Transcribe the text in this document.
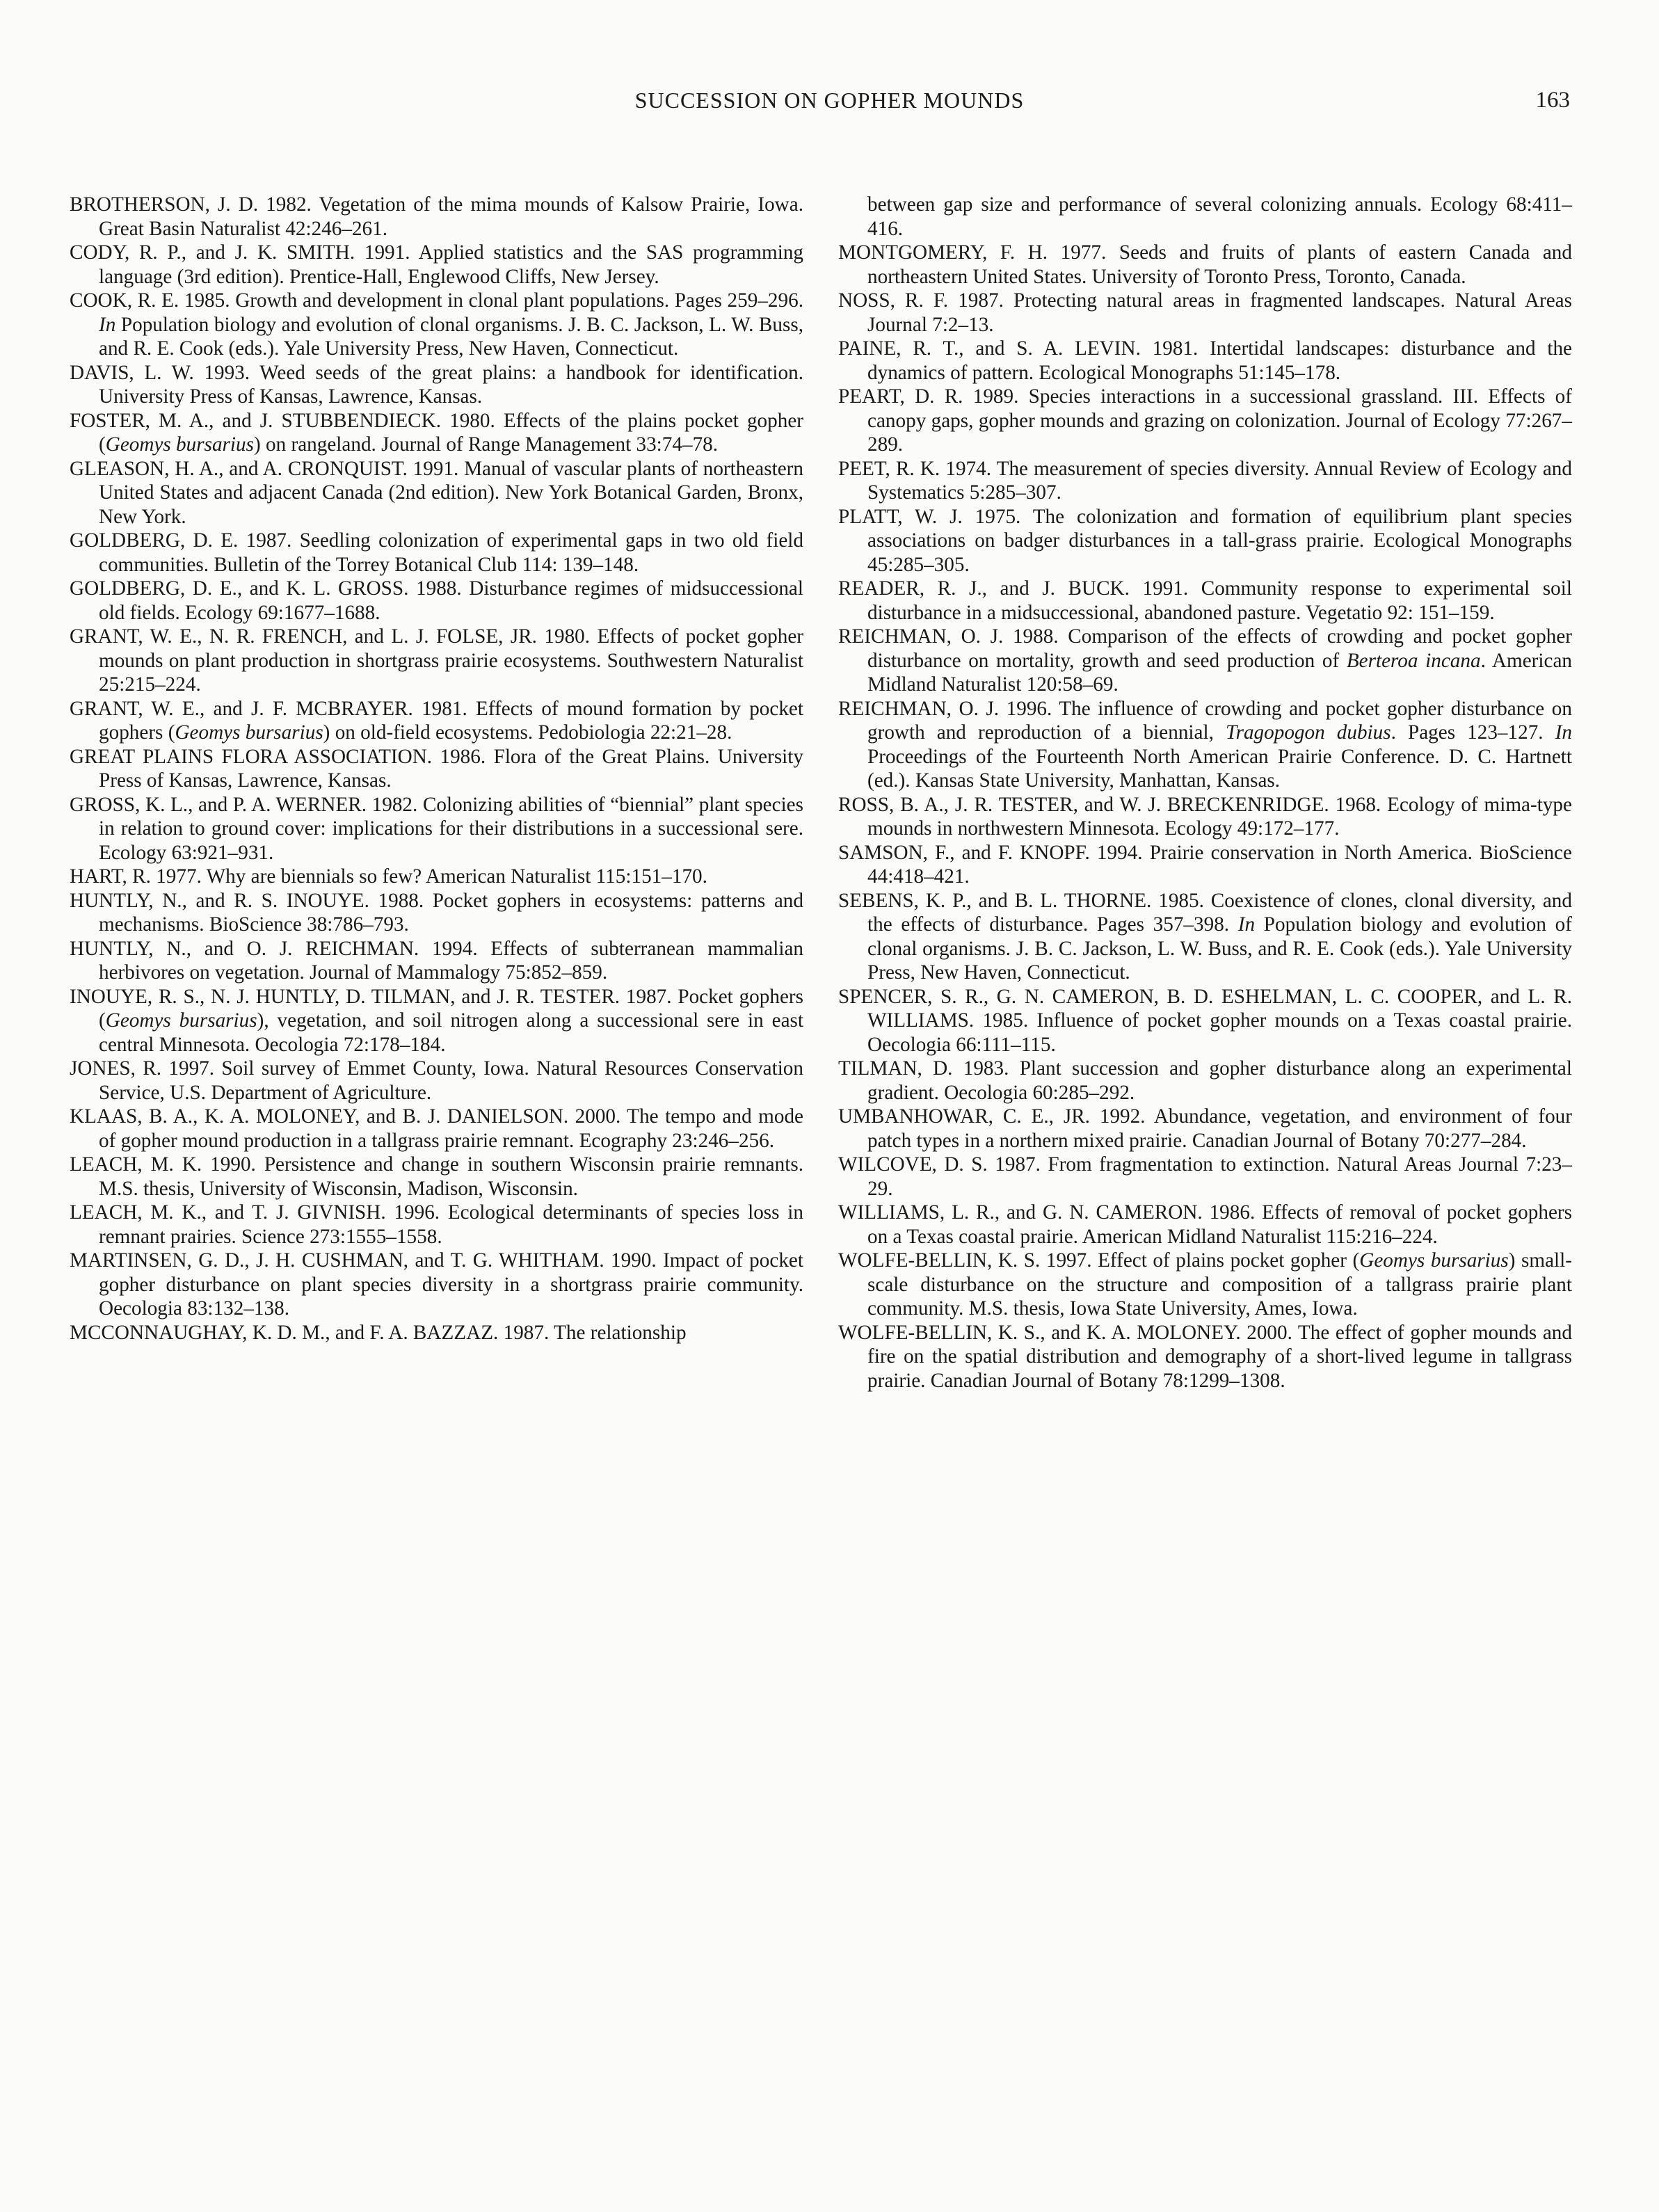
SUCCESSION ON GOPHER MOUNDS	163

BROTHERSON, J. D. 1982. Vegetation of the mima mounds of Kalsow Prairie, Iowa. Great Basin Naturalist 42:246–261.

CODY, R. P., and J. K. SMITH. 1991. Applied statistics and the SAS programming language (3rd edition). Prentice-Hall, Englewood Cliffs, New Jersey.

COOK, R. E. 1985. Growth and development in clonal plant populations. Pages 259–296. In Population biology and evolution of clonal organisms. J. B. C. Jackson, L. W. Buss, and R. E. Cook (eds.). Yale University Press, New Haven, Connecticut.

DAVIS, L. W. 1993. Weed seeds of the great plains: a handbook for identification. University Press of Kansas, Lawrence, Kansas.

FOSTER, M. A., and J. STUBBENDIECK. 1980. Effects of the plains pocket gopher (Geomys bursarius) on rangeland. Journal of Range Management 33:74–78.

GLEASON, H. A., and A. CRONQUIST. 1991. Manual of vascular plants of northeastern United States and adjacent Canada (2nd edition). New York Botanical Garden, Bronx, New York.

GOLDBERG, D. E. 1987. Seedling colonization of experimental gaps in two old field communities. Bulletin of the Torrey Botanical Club 114: 139–148.

GOLDBERG, D. E., and K. L. GROSS. 1988. Disturbance regimes of midsuccessional old fields. Ecology 69:1677–1688.

GRANT, W. E., N. R. FRENCH, and L. J. FOLSE, JR. 1980. Effects of pocket gopher mounds on plant production in shortgrass prairie ecosystems. Southwestern Naturalist 25:215–224.

GRANT, W. E., and J. F. MCBRAYER. 1981. Effects of mound formation by pocket gophers (Geomys bursarius) on old-field ecosystems. Pedobiologia 22:21–28.

GREAT PLAINS FLORA ASSOCIATION. 1986. Flora of the Great Plains. University Press of Kansas, Lawrence, Kansas.

GROSS, K. L., and P. A. WERNER. 1982. Colonizing abilities of “biennial” plant species in relation to ground cover: implications for their distributions in a successional sere. Ecology 63:921–931.

HART, R. 1977. Why are biennials so few? American Naturalist 115:151–170.

HUNTLY, N., and R. S. INOUYE. 1988. Pocket gophers in ecosystems: patterns and mechanisms. BioScience 38:786–793.

HUNTLY, N., and O. J. REICHMAN. 1994. Effects of subterranean mammalian herbivores on vegetation. Journal of Mammalogy 75:852–859.

INOUYE, R. S., N. J. HUNTLY, D. TILMAN, and J. R. TESTER. 1987. Pocket gophers (Geomys bursarius), vegetation, and soil nitrogen along a successional sere in east central Minnesota. Oecologia 72:178–184.

JONES, R. 1997. Soil survey of Emmet County, Iowa. Natural Resources Conservation Service, U.S. Department of Agriculture.

KLAAS, B. A., K. A. MOLONEY, and B. J. DANIELSON. 2000. The tempo and mode of gopher mound production in a tallgrass prairie remnant. Ecography 23:246–256.

LEACH, M. K. 1990. Persistence and change in southern Wisconsin prairie remnants. M.S. thesis, University of Wisconsin, Madison, Wisconsin.

LEACH, M. K., and T. J. GIVNISH. 1996. Ecological determinants of species loss in remnant prairies. Science 273:1555–1558.

MARTINSEN, G. D., J. H. CUSHMAN, and T. G. WHITHAM. 1990. Impact of pocket gopher disturbance on plant species diversity in a shortgrass prairie community. Oecologia 83:132–138.

MCCONNAUGHAY, K. D. M., and F. A. BAZZAZ. 1987. The relationship

between gap size and performance of several colonizing annuals. Ecology 68:411–416.

MONTGOMERY, F. H. 1977. Seeds and fruits of plants of eastern Canada and northeastern United States. University of Toronto Press, Toronto, Canada.

NOSS, R. F. 1987. Protecting natural areas in fragmented landscapes. Natural Areas Journal 7:2–13.

PAINE, R. T., and S. A. LEVIN. 1981. Intertidal landscapes: disturbance and the dynamics of pattern. Ecological Monographs 51:145–178.

PEART, D. R. 1989. Species interactions in a successional grassland. III. Effects of canopy gaps, gopher mounds and grazing on colonization. Journal of Ecology 77:267–289.

PEET, R. K. 1974. The measurement of species diversity. Annual Review of Ecology and Systematics 5:285–307.

PLATT, W. J. 1975. The colonization and formation of equilibrium plant species associations on badger disturbances in a tall-grass prairie. Ecological Monographs 45:285–305.

READER, R. J., and J. BUCK. 1991. Community response to experimental soil disturbance in a midsuccessional, abandoned pasture. Vegetatio 92: 151–159.

REICHMAN, O. J. 1988. Comparison of the effects of crowding and pocket gopher disturbance on mortality, growth and seed production of Berteroa incana. American Midland Naturalist 120:58–69.

REICHMAN, O. J. 1996. The influence of crowding and pocket gopher disturbance on growth and reproduction of a biennial, Tragopogon dubius. Pages 123–127. In Proceedings of the Fourteenth North American Prairie Conference. D. C. Hartnett (ed.). Kansas State University, Manhattan, Kansas.

ROSS, B. A., J. R. TESTER, and W. J. BRECKENRIDGE. 1968. Ecology of mima-type mounds in northwestern Minnesota. Ecology 49:172–177.

SAMSON, F., and F. KNOPF. 1994. Prairie conservation in North America. BioScience 44:418–421.

SEBENS, K. P., and B. L. THORNE. 1985. Coexistence of clones, clonal diversity, and the effects of disturbance. Pages 357–398. In Population biology and evolution of clonal organisms. J. B. C. Jackson, L. W. Buss, and R. E. Cook (eds.). Yale University Press, New Haven, Connecticut.

SPENCER, S. R., G. N. CAMERON, B. D. ESHELMAN, L. C. COOPER, and L. R. WILLIAMS. 1985. Influence of pocket gopher mounds on a Texas coastal prairie. Oecologia 66:111–115.

TILMAN, D. 1983. Plant succession and gopher disturbance along an experimental gradient. Oecologia 60:285–292.

UMBANHOWAR, C. E., JR. 1992. Abundance, vegetation, and environment of four patch types in a northern mixed prairie. Canadian Journal of Botany 70:277–284.

WILCOVE, D. S. 1987. From fragmentation to extinction. Natural Areas Journal 7:23–29.

WILLIAMS, L. R., and G. N. CAMERON. 1986. Effects of removal of pocket gophers on a Texas coastal prairie. American Midland Naturalist 115:216–224.

WOLFE-BELLIN, K. S. 1997. Effect of plains pocket gopher (Geomys bursarius) small-scale disturbance on the structure and composition of a tallgrass prairie plant community. M.S. thesis, Iowa State University, Ames, Iowa.

WOLFE-BELLIN, K. S., and K. A. MOLONEY. 2000. The effect of gopher mounds and fire on the spatial distribution and demography of a short-lived legume in tallgrass prairie. Canadian Journal of Botany 78:1299–1308.
